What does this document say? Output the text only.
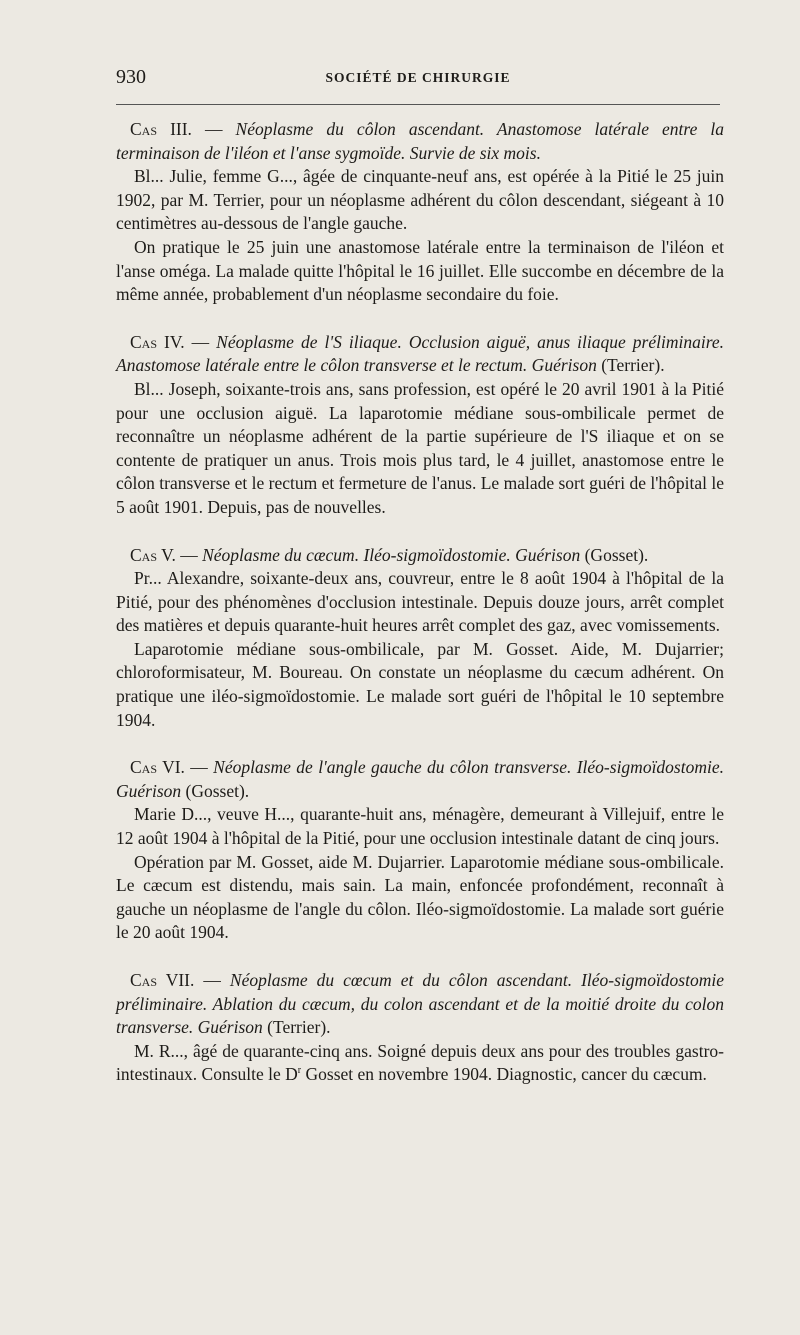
930	SOCIÉTÉ DE CHIRURGIE

Cas III. — Néoplasme du côlon ascendant. Anastomose latérale entre la terminaison de l'iléon et l'anse sygmoïde. Survie de six mois.

Bl... Julie, femme G..., âgée de cinquante-neuf ans, est opérée à la Pitié le 25 juin 1902, par M. Terrier, pour un néoplasme adhérent du côlon descendant, siégeant à 10 centimètres au-dessous de l'angle gauche.

On pratique le 25 juin une anastomose latérale entre la terminaison de l'iléon et l'anse oméga. La malade quitte l'hôpital le 16 juillet. Elle succombe en décembre de la même année, probablement d'un néoplasme secondaire du foie.

Cas IV. — Néoplasme de l'S iliaque. Occlusion aiguë, anus iliaque préliminaire. Anastomose latérale entre le côlon transverse et le rectum. Guérison (Terrier).

Bl... Joseph, soixante-trois ans, sans profession, est opéré le 20 avril 1901 à la Pitié pour une occlusion aiguë. La laparotomie médiane sous-ombilicale permet de reconnaître un néoplasme adhérent de la partie supérieure de l'S iliaque et on se contente de pratiquer un anus. Trois mois plus tard, le 4 juillet, anastomose entre le côlon transverse et le rectum et fermeture de l'anus. Le malade sort guéri de l'hôpital le 5 août 1901. Depuis, pas de nouvelles.

Cas V. — Néoplasme du cæcum. Iléo-sigmoïdostomie. Guérison (Gosset).

Pr... Alexandre, soixante-deux ans, couvreur, entre le 8 août 1904 à l'hôpital de la Pitié, pour des phénomènes d'occlusion intestinale. Depuis douze jours, arrêt complet des matières et depuis quarante-huit heures arrêt complet des gaz, avec vomissements.

Laparotomie médiane sous-ombilicale, par M. Gosset. Aide, M. Dujarrier; chloroformisateur, M. Boureau. On constate un néoplasme du cæcum adhérent. On pratique une iléo-sigmoïdostomie. Le malade sort guéri de l'hôpital le 10 septembre 1904.

Cas VI. — Néoplasme de l'angle gauche du côlon transverse. Iléo-sigmoïdostomie. Guérison (Gosset).

Marie D..., veuve H..., quarante-huit ans, ménagère, demeurant à Villejuif, entre le 12 août 1904 à l'hôpital de la Pitié, pour une occlusion intestinale datant de cinq jours.

Opération par M. Gosset, aide M. Dujarrier. Laparotomie médiane sous-ombilicale. Le cæcum est distendu, mais sain. La main, enfoncée profondément, reconnaît à gauche un néoplasme de l'angle du côlon. Iléo-sigmoïdostomie. La malade sort guérie le 20 août 1904.

Cas VII. — Néoplasme du cœcum et du côlon ascendant. Iléo-sigmoïdostomie préliminaire. Ablation du cæcum, du colon ascendant et de la moitié droite du colon transverse. Guérison (Terrier).

M. R..., âgé de quarante-cinq ans. Soigné depuis deux ans pour des troubles gastro-intestinaux. Consulte le $D^r$ Gosset en novembre 1904. Diagnostic, cancer du cæcum.
